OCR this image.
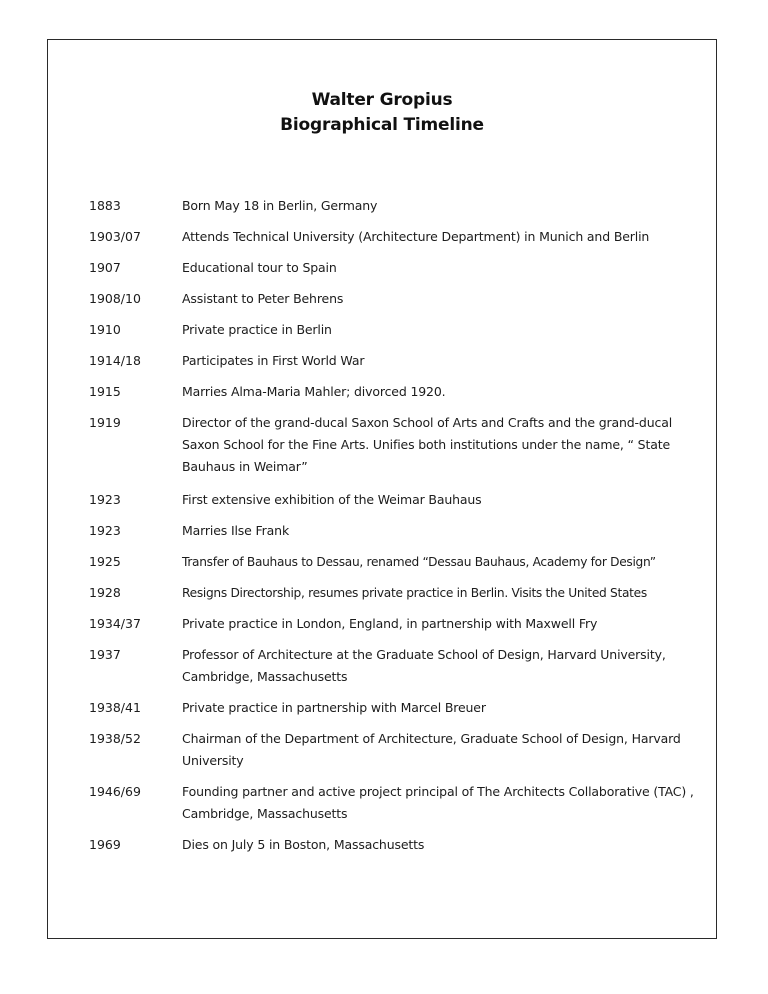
Walter Gropius
Biographical Timeline
1883	Born May 18 in Berlin, Germany
1903/07	Attends Technical University (Architecture Department) in Munich and Berlin
1907	Educational tour to Spain
1908/10	Assistant to Peter Behrens
1910	Private practice in Berlin
1914/18	Participates in First World War
1915	Marries Alma-Maria Mahler; divorced 1920.
1919	Director of the grand-ducal Saxon School of Arts and Crafts and the grand-ducal Saxon School for the Fine Arts. Unifies both institutions under the name, “ State Bauhaus in Weimar”
1923	First extensive exhibition of the Weimar Bauhaus
1923	Marries Ilse Frank
1925	Transfer of Bauhaus to Dessau, renamed “Dessau Bauhaus, Academy for Design”
1928	Resigns Directorship, resumes private practice in Berlin. Visits the United States
1934/37	Private practice in London, England, in partnership with Maxwell Fry
1937	Professor of Architecture at the Graduate School of Design, Harvard University, Cambridge, Massachusetts
1938/41	Private practice in partnership with Marcel Breuer
1938/52	Chairman of the Department of Architecture, Graduate School of Design, Harvard University
1946/69	Founding partner and active project principal of The Architects Collaborative (TAC) , Cambridge, Massachusetts
1969	Dies on July 5 in Boston, Massachusetts
